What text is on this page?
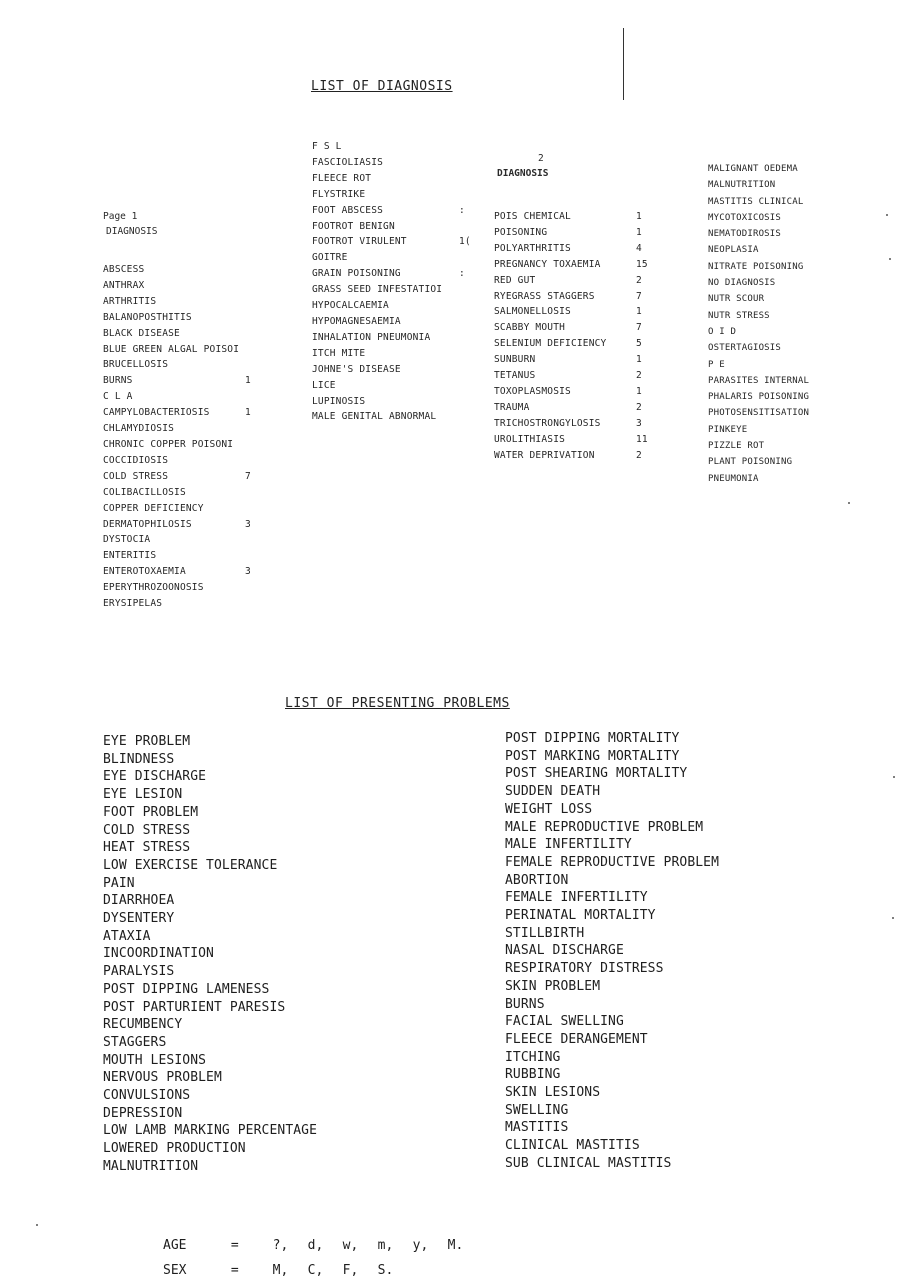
LIST OF DIAGNOSIS
LIST OF PRESENTING PROBLEMS
Page 1
DIAGNOSIS
ABSCESS
ANTHRAX
ARTHRITIS
BALANOPOSTHITIS
BLACK DISEASE
BLUE GREEN ALGAL POISOI
BRUCELLOSIS
BURNS	1
C L A
CAMPYLOBACTERIOSIS	1
CHLAMYDIOSIS
CHRONIC COPPER POISONI
COCCIDIOSIS
COLD STRESS	7
COLIBACILLOSIS
COPPER DEFICIENCY
DERMATOPHILOSIS	3
DYSTOCIA
ENTERITIS
ENTEROTOXAEMIA	3
EPERYTHROZOONOSIS
ERYSIPELAS
F S L
FASCIOLIASIS
FLEECE ROT
FLYSTRIKE
FOOT ABSCESS	:
FOOTROT BENIGN
FOOTROT VIRULENT	1(
GOITRE
GRAIN POISONING	:
GRASS SEED INFESTATIOI
HYPOCALCAEMIA
HYPOMAGNESAEMIA
INHALATION PNEUMONIA
ITCH MITE
JOHNE'S DISEASE
LICE
LUPINOSIS
MALE GENITAL ABNORMAL
2
DIAGNOSIS
POIS CHEMICAL	1
POISONING	1
POLYARTHRITIS	4
PREGNANCY TOXAEMIA	15
RED GUT	2
RYEGRASS STAGGERS	7
SALMONELLOSIS	1
SCABBY MOUTH	7
SELENIUM DEFICIENCY	5
SUNBURN	1
TETANUS	2
TOXOPLASMOSIS	1
TRAUMA	2
TRICHOSTRONGYLOSIS	3
UROLITHIASIS	11
WATER DEPRIVATION	2
MALIGNANT OEDEMA
MALNUTRITION
MASTITIS CLINICAL
MYCOTOXICOSIS
NEMATODIROSIS
NEOPLASIA
NITRATE POISONING
NO DIAGNOSIS
NUTR SCOUR
NUTR STRESS
O I D
OSTERTAGIOSIS
P E
PARASITES INTERNAL
PHALARIS POISONING
PHOTOSENSITISATION
PINKEYE
PIZZLE ROT
PLANT POISONING
PNEUMONIA
EYE PROBLEM
BLINDNESS
EYE DISCHARGE
EYE LESION
FOOT PROBLEM
COLD STRESS
HEAT STRESS
LOW EXERCISE TOLERANCE
PAIN
DIARRHOEA
DYSENTERY
ATAXIA
INCOORDINATION
PARALYSIS
POST DIPPING LAMENESS
POST PARTURIENT PARESIS
RECUMBENCY
STAGGERS
MOUTH LESIONS
NERVOUS PROBLEM
CONVULSIONS
DEPRESSION
LOW LAMB MARKING PERCENTAGE
LOWERED PRODUCTION
MALNUTRITION
POST DIPPING MORTALITY
POST MARKING MORTALITY
POST SHEARING MORTALITY
SUDDEN DEATH
WEIGHT LOSS
MALE REPRODUCTIVE PROBLEM
MALE INFERTILITY
FEMALE REPRODUCTIVE PROBLEM
ABORTION
FEMALE INFERTILITY
PERINATAL MORTALITY
STILLBIRTH
NASAL DISCHARGE
RESPIRATORY DISTRESS
SKIN PROBLEM
BURNS
FACIAL SWELLING
FLEECE DERANGEMENT
ITCHING
RUBBING
SKIN LESIONS
SWELLING
MASTITIS
CLINICAL MASTITIS
SUB CLINICAL MASTITIS
AGE	=	?, d, w, m, y, M.
SEX	=	M, C, F, S.
